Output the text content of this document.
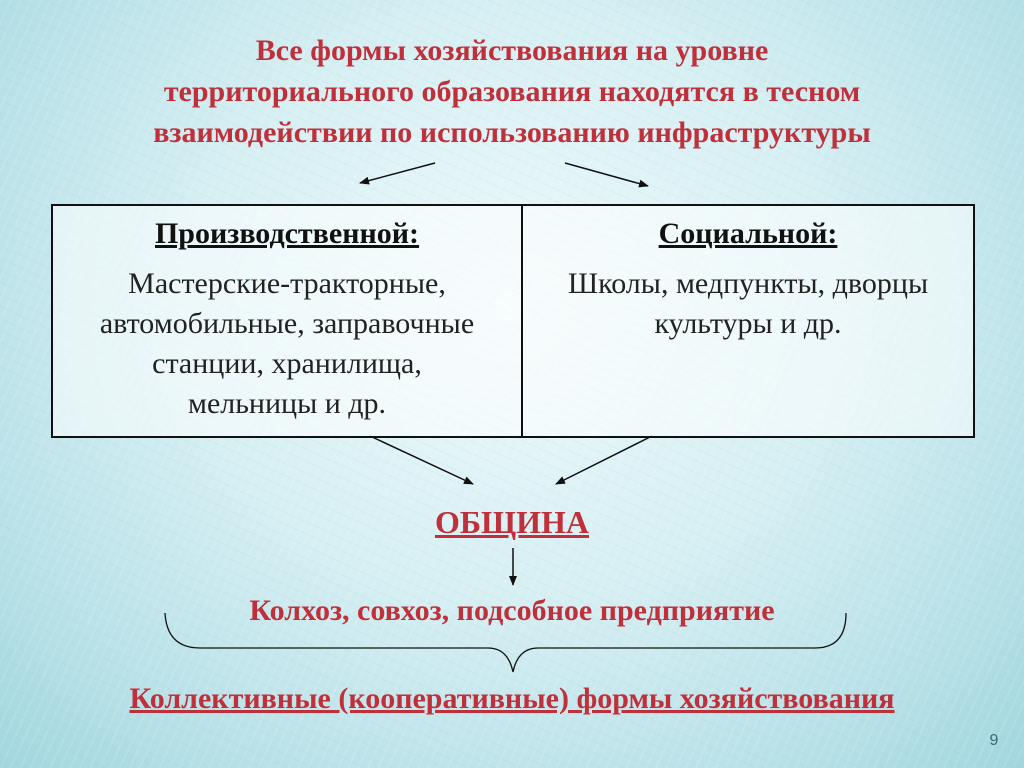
Все формы хозяйствования на уровне
территориального образования находятся в тесном
взаимодействии по использованию инфраструктуры
Производственной:
Мастерские-тракторные,
автомобильные, заправочные
станции, хранилища,
мельницы и др.
Социальной:
Школы, медпункты, дворцы
культуры и др.
ОБЩИНА
Колхоз, совхоз, подсобное предприятие
Коллективные (кооперативные) формы хозяйствования
9
